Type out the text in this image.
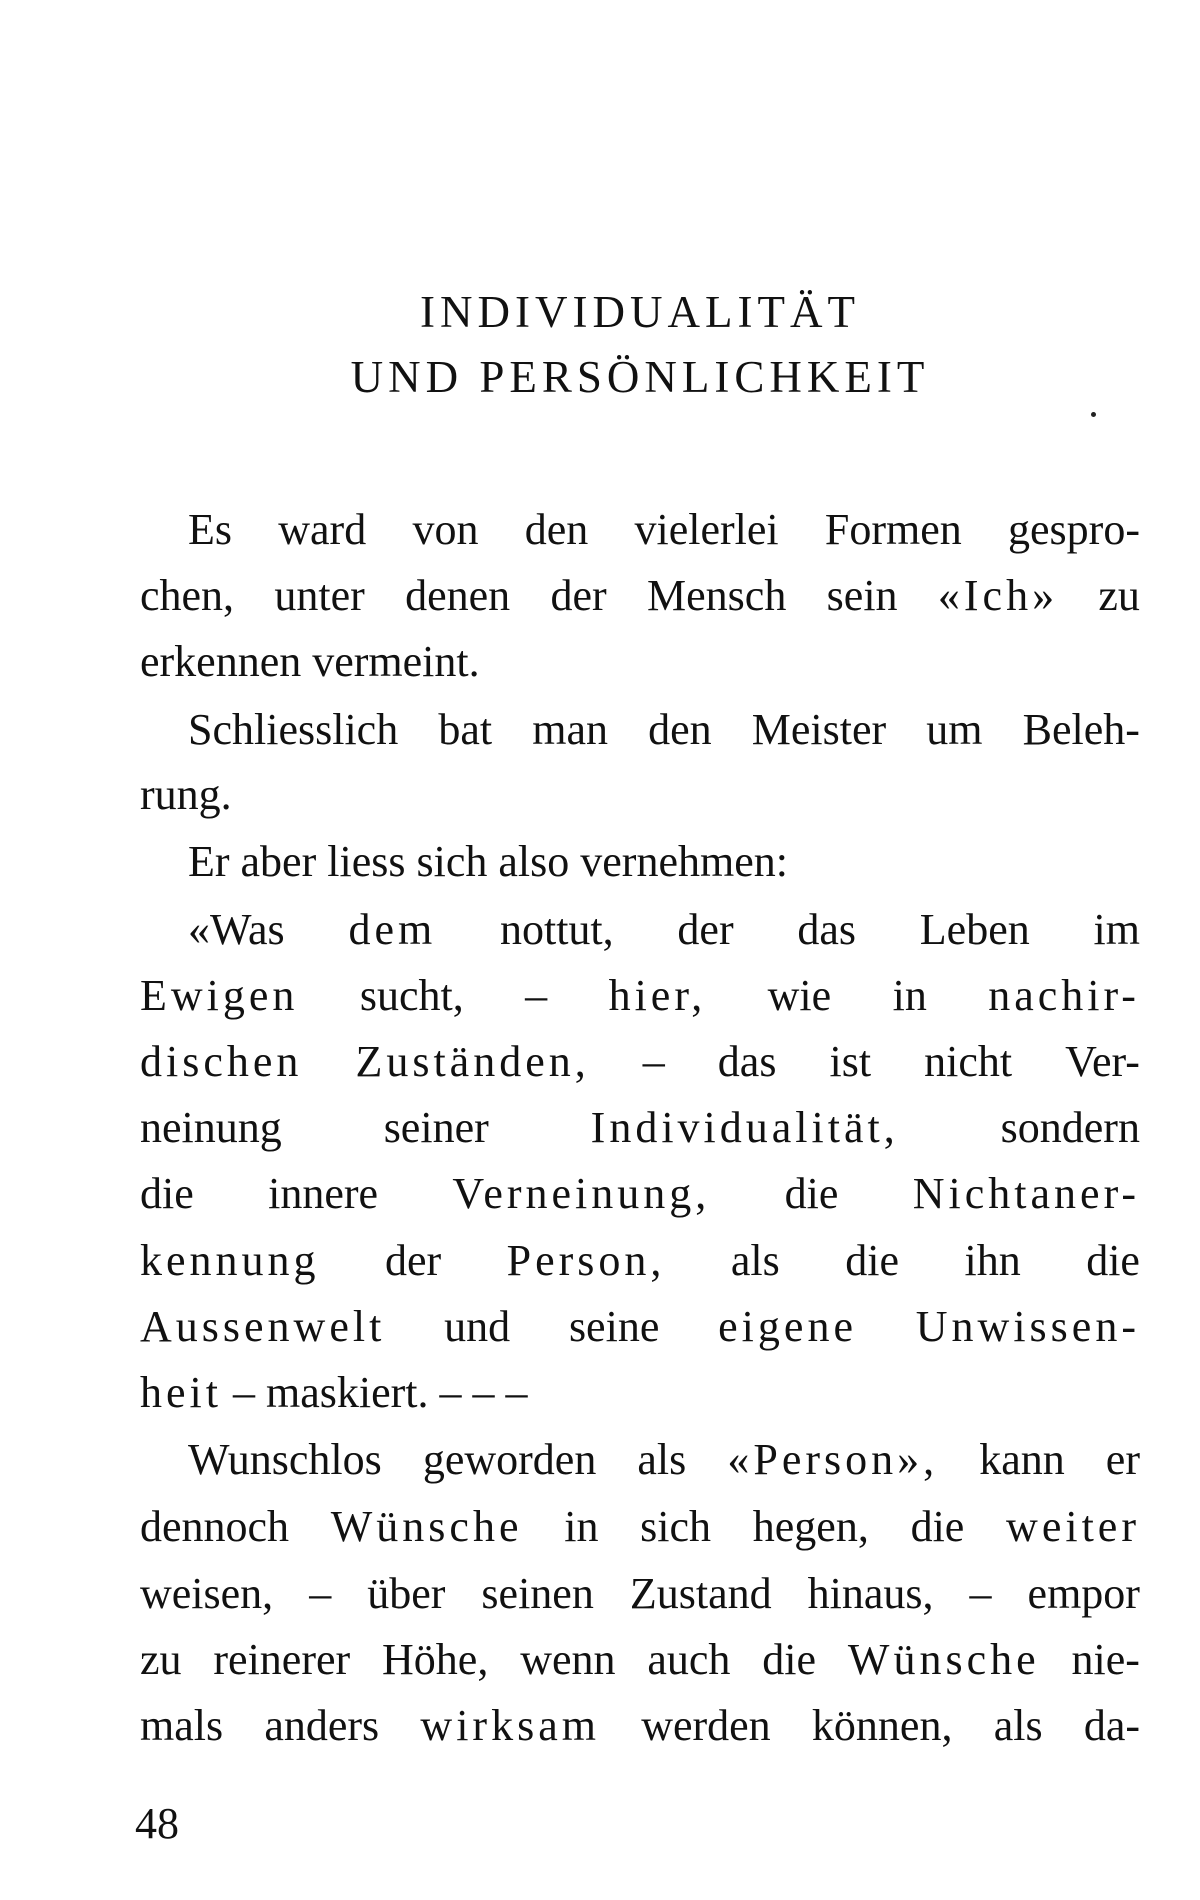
INDIVIDUALITÄT
UND PERSÖNLICHKEIT
Es ward von den vielerlei Formen gespro-
chen, unter denen der Mensch sein «Ich» zu
erkennen vermeint.
Schliesslich bat man den Meister um Beleh-
rung.
Er aber liess sich also vernehmen:
«Was dem nottut, der das Leben im
Ewigen sucht, – hier, wie in nachir-
dischen Zuständen, – das ist nicht Ver-
neinung seiner Individualität, sondern
die innere Verneinung, die Nichtaner-
kennung der Person, als die ihn die
Aussenwelt und seine eigene Unwissen-
heit – maskiert. – – –
Wunschlos geworden als «Person», kann er
dennoch Wünsche in sich hegen, die weiter
weisen, – über seinen Zustand hinaus, – empor
zu reinerer Höhe, wenn auch die Wünsche nie-
mals anders wirksam werden können, als da-
48
